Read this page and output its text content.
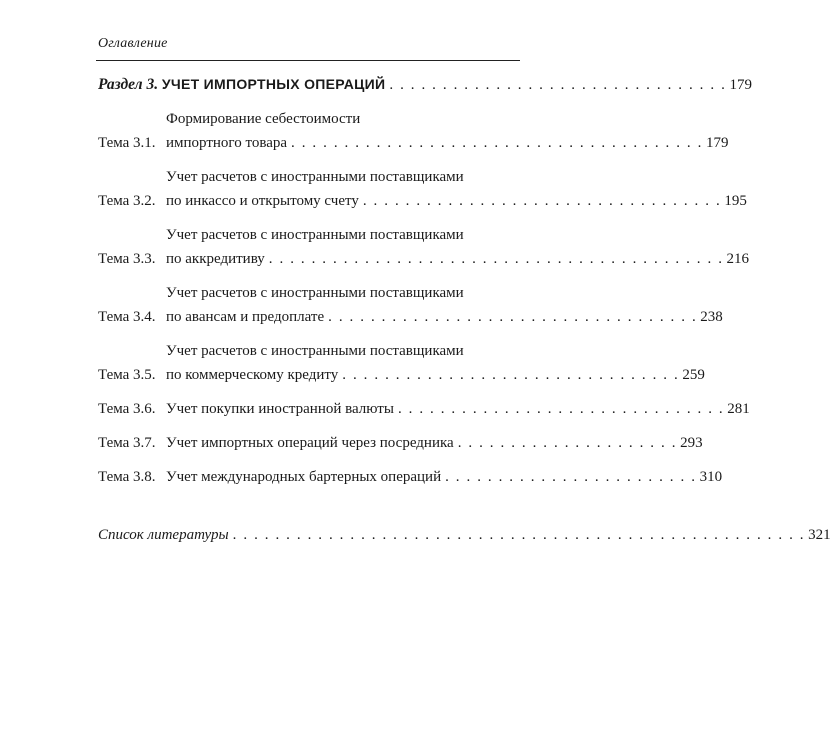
Оглавление
Раздел 3. УЧЕТ ИМПОРТНЫХ ОПЕРАЦИЙ . . . . . . . . . . . . . . . . . . . . . . . . . . . . . . . . 179
Тема 3.1.
Формирование себестоимости
импортного товара . . . . . . . . . . . . . . . . . . . . . . . . . . . . . . . . . . . . . . . 179
Тема 3.2.
Учет расчетов с иностранными поставщиками
по инкассо и открытому счету . . . . . . . . . . . . . . . . . . . . . . . . . . . . . . . . . . 195
Тема 3.3.
Учет расчетов с иностранными поставщиками
по аккредитиву . . . . . . . . . . . . . . . . . . . . . . . . . . . . . . . . . . . . . . . . . . . 216
Тема 3.4.
Учет расчетов с иностранными поставщиками
по авансам и предоплате . . . . . . . . . . . . . . . . . . . . . . . . . . . . . . . . . . . 238
Тема 3.5.
Учет расчетов с иностранными поставщиками
по коммерческому кредиту . . . . . . . . . . . . . . . . . . . . . . . . . . . . . . . . 259
Тема 3.6. Учет покупки иностранной валюты . . . . . . . . . . . . . . . . . . . . . . . . . . . . . . . 281
Тема 3.7. Учет импортных операций через посредника . . . . . . . . . . . . . . . . . . . . . 293
Тема 3.8. Учет международных бартерных операций . . . . . . . . . . . . . . . . . . . . . . . . 310
Список литературы . . . . . . . . . . . . . . . . . . . . . . . . . . . . . . . . . . . . . . . . . . . . . . . . . . . . . . 321
